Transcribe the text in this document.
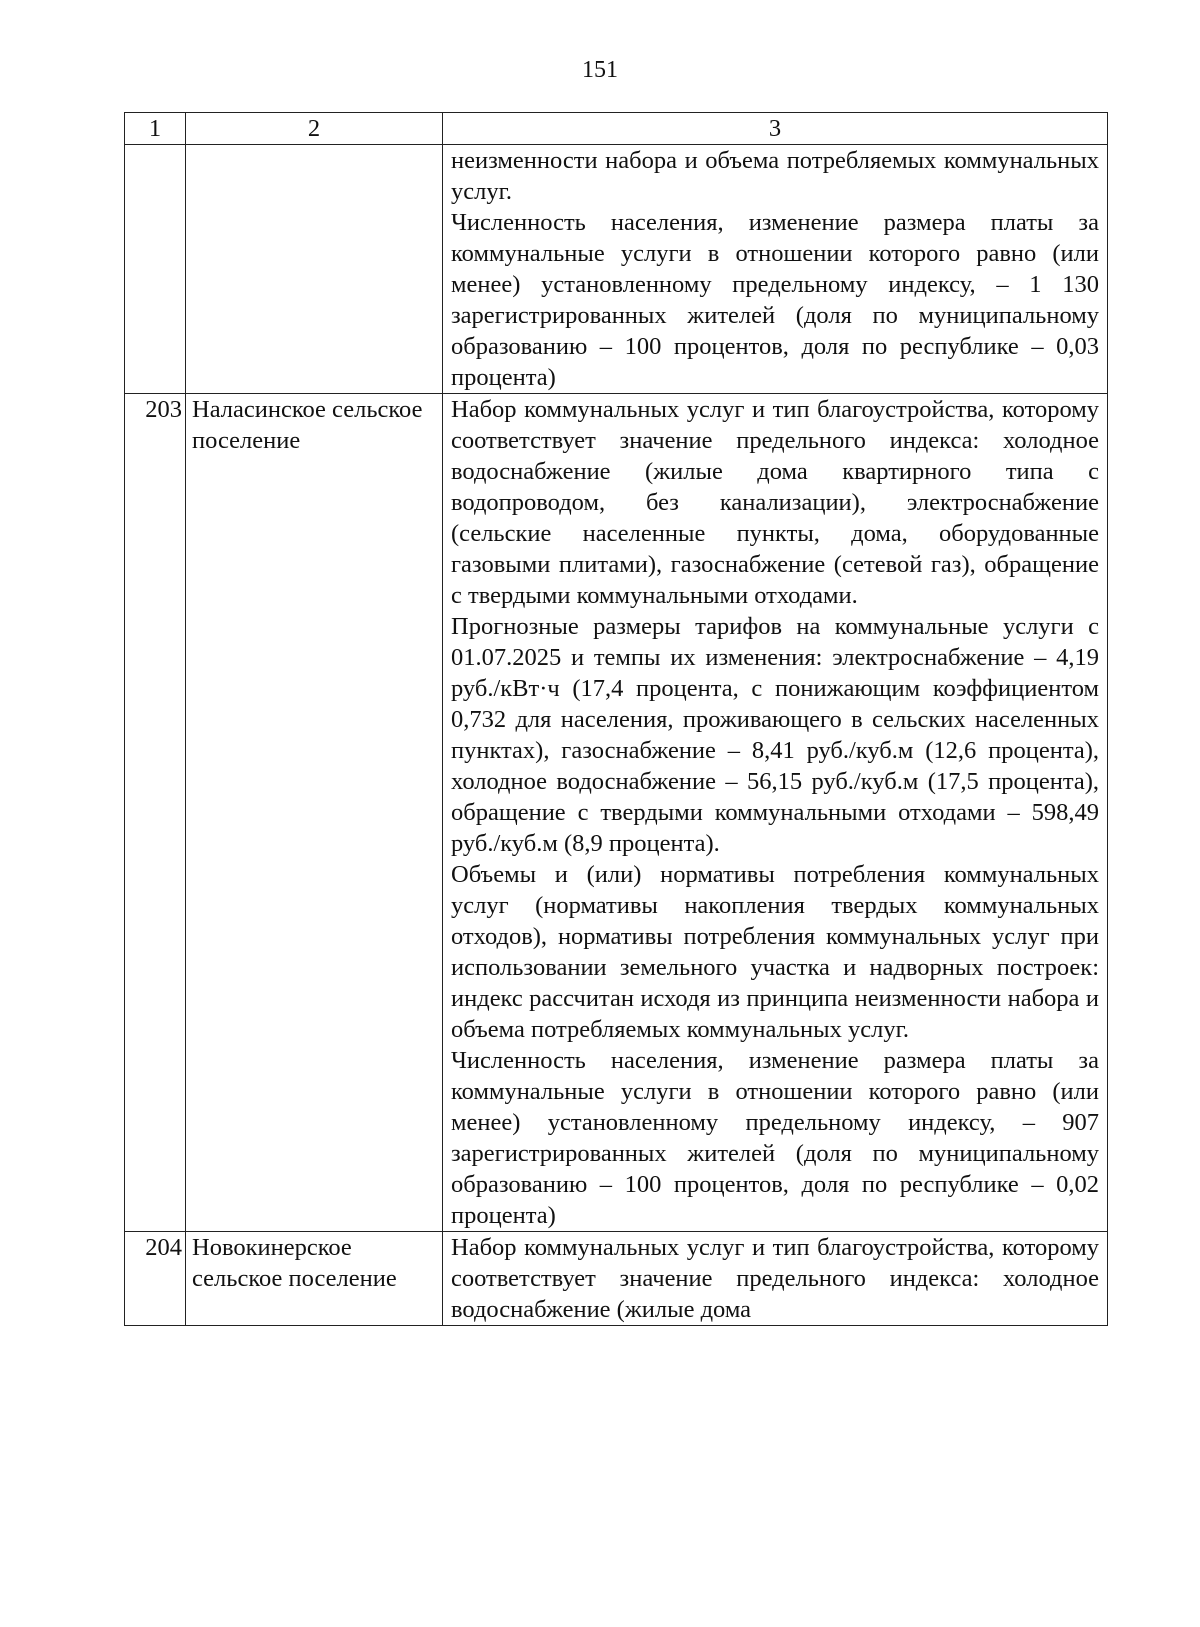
151
1	2	3

		неизменности набора и объема потребляемых коммунальных услуг.

Численность населения, изменение размера платы за коммунальные услуги в отношении которого равно (или менее) установленному предельному индексу, – 1 130 зарегистрированных жителей (доля по муниципальному образованию – 100 процентов, доля по республике – 0,03 процента)

203	Наласинское сельское поселение	Набор коммунальных услуг и тип благоустройства, которому соответствует значение предельного индекса: холодное водоснабжение (жилые дома квартирного типа с водопроводом, без канализации), электроснабжение (сельские населенные пункты, дома, оборудованные газовыми плитами), газоснабжение (сетевой газ), обращение с твердыми коммунальными отходами.

Прогнозные размеры тарифов на коммунальные услуги с 01.07.2025 и темпы их изменения: электроснабжение – 4,19 руб./кВт·ч (17,4 процента, с понижающим коэффициентом 0,732 для населения, проживающего в сельских населенных пунктах), газоснабжение – 8,41 руб./куб.м (12,6 процента), холодное водоснабжение – 56,15 руб./куб.м (17,5 процента), обращение с твердыми коммунальными отходами – 598,49 руб./куб.м (8,9 процента).

Объемы и (или) нормативы потребления коммунальных услуг (нормативы накопления твердых коммунальных отходов), нормативы потребления коммунальных услуг при использовании земельного участка и надворных построек: индекс рассчитан исходя из принципа неизменности набора и объема потребляемых коммунальных услуг.

Численность населения, изменение размера платы за коммунальные услуги в отношении которого равно (или менее) установленному предельному индексу, – 907 зарегистрированных жителей (доля по муниципальному образованию – 100 процентов, доля по республике – 0,02 процента)

204	Новокинерское сельское поселение	Набор коммунальных услуг и тип благоустройства, которому соответствует значение предельного индекса: холодное водоснабжение (жилые дома
